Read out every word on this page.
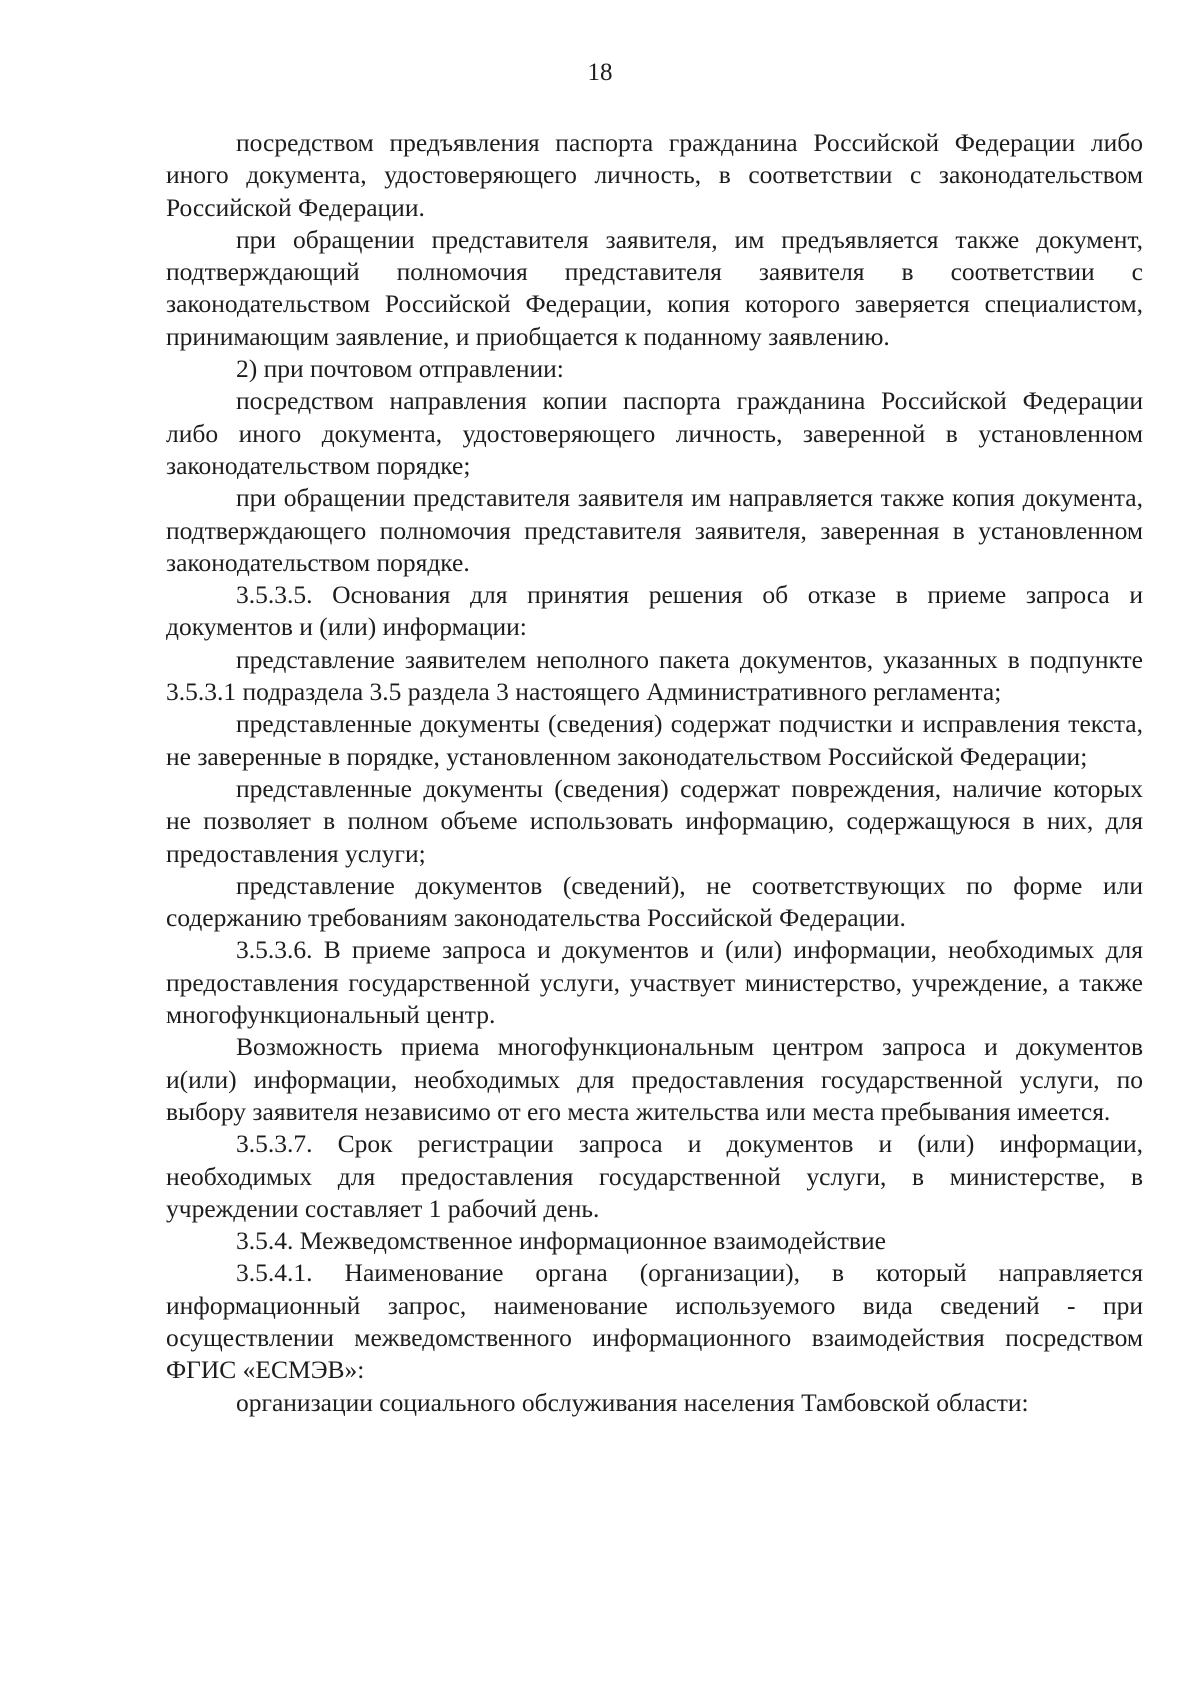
18

посредством предъявления паспорта гражданина Российской Федерации либо иного документа, удостоверяющего личность, в соответствии с законодательством Российской Федерации.

при обращении представителя заявителя, им предъявляется также документ, подтверждающий полномочия представителя заявителя в соответствии с законодательством Российской Федерации, копия которого заверяется специалистом, принимающим заявление, и приобщается к поданному заявлению.

2) при почтовом отправлении:

посредством направления копии паспорта гражданина Российской Федерации либо иного документа, удостоверяющего личность, заверенной в установленном законодательством порядке;

при обращении представителя заявителя им направляется также копия документа, подтверждающего полномочия представителя заявителя, заверенная в установленном законодательством порядке.

3.5.3.5. Основания для принятия решения об отказе в приеме запроса и документов и (или) информации:

представление заявителем неполного пакета документов, указанных в подпункте 3.5.3.1 подраздела 3.5 раздела 3 настоящего Административного регламента;

представленные документы (сведения) содержат подчистки и исправления текста, не заверенные в порядке, установленном законодательством Российской Федерации;

представленные документы (сведения) содержат повреждения, наличие которых не позволяет в полном объеме использовать информацию, содержащуюся в них, для предоставления услуги;

представление документов (сведений), не соответствующих по форме или содержанию требованиям законодательства Российской Федерации.

3.5.3.6. В приеме запроса и документов и (или) информации, необходимых для предоставления государственной услуги, участвует министерство, учреждение, а также многофункциональный центр.

Возможность приема многофункциональным центром запроса и документов и(или) информации, необходимых для предоставления государственной услуги, по выбору заявителя независимо от его места жительства или места пребывания имеется.

3.5.3.7. Срок регистрации запроса и документов и (или) информации, необходимых для предоставления государственной услуги, в министерстве, в учреждении составляет 1 рабочий день.

3.5.4. Межведомственное информационное взаимодействие

3.5.4.1. Наименование органа (организации), в который направляется информационный запрос, наименование используемого вида сведений - при осуществлении межведомственного информационного взаимодействия посредством ФГИС «ЕСМЭВ»:

организации социального обслуживания населения Тамбовской области:
